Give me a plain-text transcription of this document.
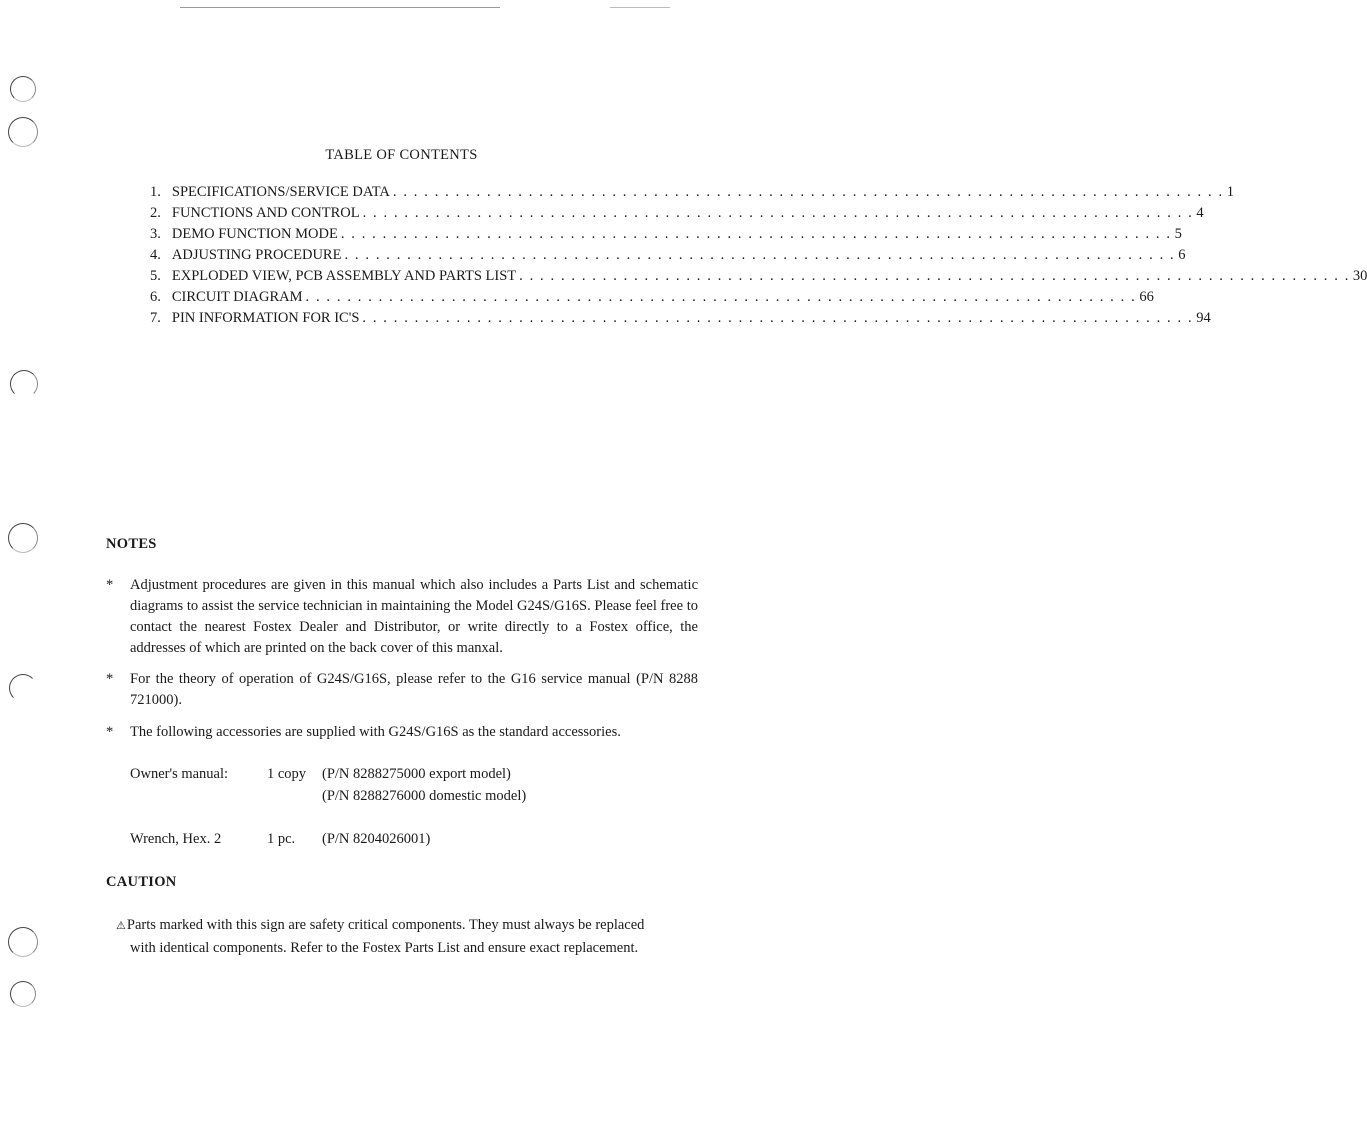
TABLE OF CONTENTS
1. SPECIFICATIONS/SERVICE DATA . . . . . . . . . . . . . . . . . . . . . . . . . . . . . . . . . . . . . . . . . . . . . . . . . . . . . . . . . . . . . . . . . . . . . . . . . . . . . . . . 1
2. FUNCTIONS AND CONTROL . . . . . . . . . . . . . . . . . . . . . . . . . . . . . . . . . . . . . . . . . . . . . . . . . . . . . . . . . . . . . . . . . . . . . . . . . . . . . . . . 4
3. DEMO FUNCTION MODE . . . . . . . . . . . . . . . . . . . . . . . . . . . . . . . . . . . . . . . . . . . . . . . . . . . . . . . . . . . . . . . . . . . . . . . . . . . . . . . . 5
4. ADJUSTING PROCEDURE . . . . . . . . . . . . . . . . . . . . . . . . . . . . . . . . . . . . . . . . . . . . . . . . . . . . . . . . . . . . . . . . . . . . . . . . . . . . . . . . 6
5. EXPLODED VIEW, PCB ASSEMBLY AND PARTS LIST . . . . . . . . . . . . . . . . . . . . . . . . . . . . . . . . . . . . . . . . . . . . . . . . . . . . . . . . . . . . . . . . . . . . . . . . . . . . . . . . 30
6. CIRCUIT DIAGRAM . . . . . . . . . . . . . . . . . . . . . . . . . . . . . . . . . . . . . . . . . . . . . . . . . . . . . . . . . . . . . . . . . . . . . . . . . . . . . . . . 66
7. PIN INFORMATION FOR IC'S . . . . . . . . . . . . . . . . . . . . . . . . . . . . . . . . . . . . . . . . . . . . . . . . . . . . . . . . . . . . . . . . . . . . . . . . . . . . . . . . 94
NOTES
* Adjustment procedures are given in this manual which also includes a Parts List and schematic diagrams to assist the service technician in maintaining the Model G24S/G16S. Please feel free to contact the nearest Fostex Dealer and Distributor, or write directly to a Fostex office, the addresses of which are printed on the back cover of this manxal.
* For the theory of operation of G24S/G16S, please refer to the G16 service manual (P/N 8288 721000).
* The following accessories are supplied with G24S/G16S as the standard accessories.
Owner's manual:	1 copy (P/N 8288275000 export model)
(P/N 8288276000 domestic model)
Wrench, Hex. 2	1 pc. (P/N 8204026001)
CAUTION
⚠Parts marked with this sign are safety critical components. They must always be replaced
with identical components. Refer to the Fostex Parts List and ensure exact replacement.
